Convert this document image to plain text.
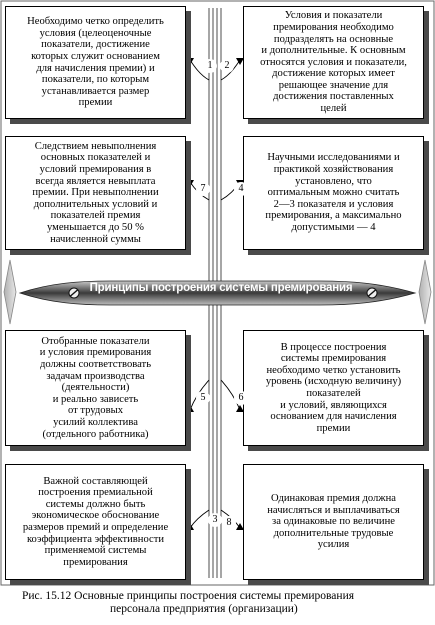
Принципы построения системы премирования
Необходимо четко определить
условия (целеоценочные
показатели, достижение
которых служит основанием
для начисления премии) и
показатели, по которым
устанавливается размер
премии
Условия и показатели
премирования необходимо
подразделять на основные
и дополнительные. К основным
относятся условия и показатели,
достижение которых имеет
решающее значение для
достижения поставленных
целей
Следствием невыполнения
основных показателей и
условий премирования в
всегда является невыплата
премии. При невыполнении
дополнительных условий и
показателей премия
уменьшается до 50 %
начисленной суммы
Научными исследованиями и
практикой хозяйствования
установлено, что
оптимальным можно считать
2—3 показателя и условия
премирования, а максимально
допустимыми — 4
Отобранные показатели
и условия премирования
должны соответствовать
задачам производства
(деятельности)
и реально зависеть
от трудовых
усилий коллектива
(отдельного работника)
В процессе построения
системы премирования
необходимо четко установить
уровень (исходную величину)
показателей
и условий, являющихся
основанием для начисления
премии
Важной составляющей
построения премиальной
системы должно быть
экономическое обоснование
размеров премий и определение
коэффициента эффективности
применяемой системы
премирования
Одинаковая премия должна
начисляться и выплачиваться
за одинаковые по величине
дополнительные трудовые
усилия
1	2
7	4
5	6
3 8
Рис. 15.12 Основные принципы построения системы премирования
персонала предприятия (организации)
